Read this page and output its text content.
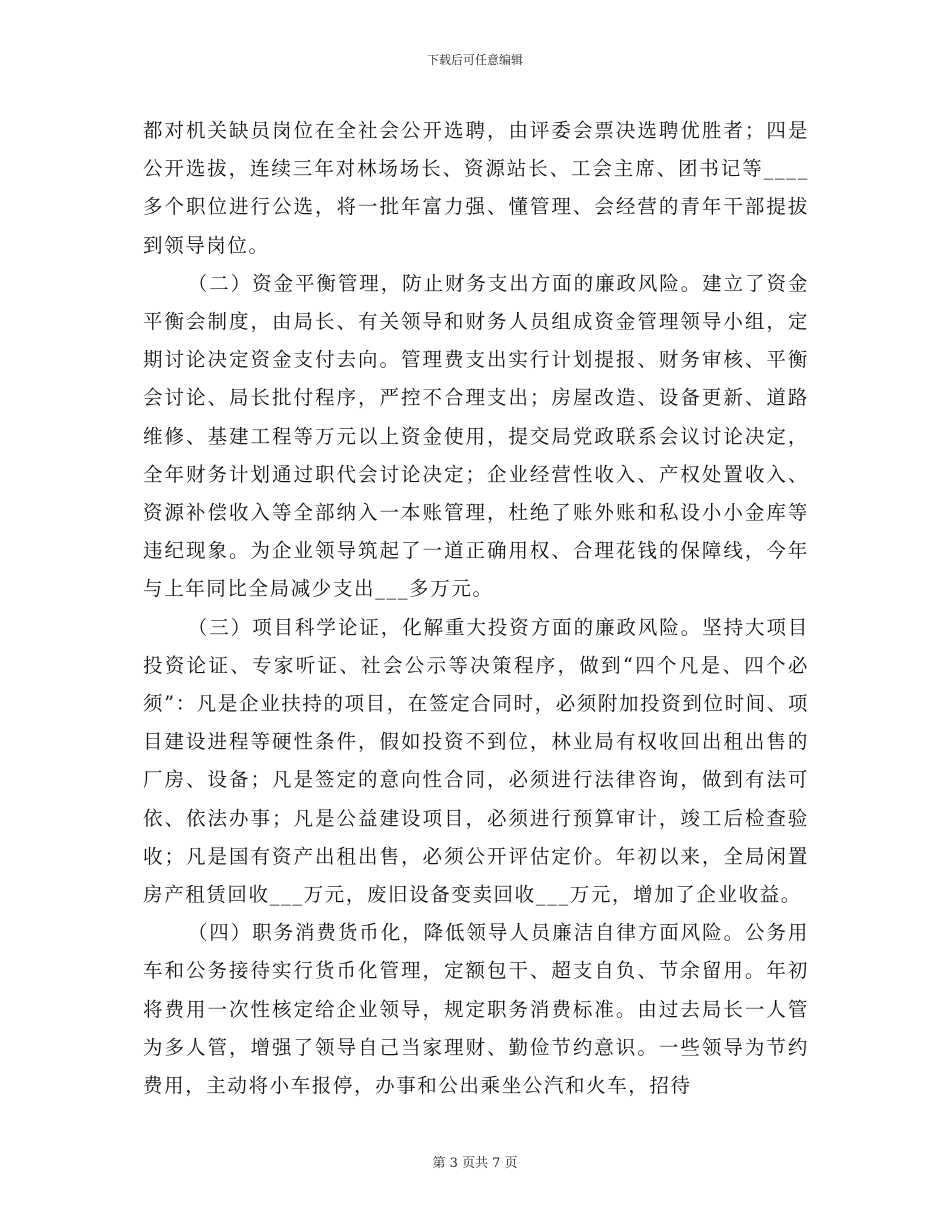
下载后可任意编辑

都对机关缺员岗位在全社会公开选聘，由评委会票决选聘优胜者；四是公开选拔，连续三年对林场场长、资源站长、工会主席、团书记等____多个职位进行公选，将一批年富力强、懂管理、会经营的青年干部提拔到领导岗位。

（二）资金平衡管理，防止财务支出方面的廉政风险。建立了资金平衡会制度，由局长、有关领导和财务人员组成资金管理领导小组，定期讨论决定资金支付去向。管理费支出实行计划提报、财务审核、平衡会讨论、局长批付程序，严控不合理支出；房屋改造、设备更新、道路维修、基建工程等万元以上资金使用，提交局党政联系会议讨论决定，全年财务计划通过职代会讨论决定；企业经营性收入、产权处置收入、资源补偿收入等全部纳入一本账管理，杜绝了账外账和私设小小金库等违纪现象。为企业领导筑起了一道正确用权、合理花钱的保障线，今年与上年同比全局减少支出___多万元。

（三）项目科学论证，化解重大投资方面的廉政风险。坚持大项目投资论证、专家听证、社会公示等决策程序，做到“四个凡是、四个必须”：凡是企业扶持的项目，在签定合同时，必须附加投资到位时间、项目建设进程等硬性条件，假如投资不到位，林业局有权收回出租出售的厂房、设备；凡是签定的意向性合同，必须进行法律咨询，做到有法可依、依法办事；凡是公益建设项目，必须进行预算审计，竣工后检查验收；凡是国有资产出租出售，必须公开评估定价。年初以来，全局闲置房产租赁回收___万元，废旧设备变卖回收___万元，增加了企业收益。

（四）职务消费货币化，降低领导人员廉洁自律方面风险。公务用车和公务接待实行货币化管理，定额包干、超支自负、节余留用。年初将费用一次性核定给企业领导，规定职务消费标准。由过去局长一人管为多人管，增强了领导自己当家理财、勤俭节约意识。一些领导为节约费用，主动将小车报停，办事和公出乘坐公汽和火车，招待

第 3 页共 7 页
